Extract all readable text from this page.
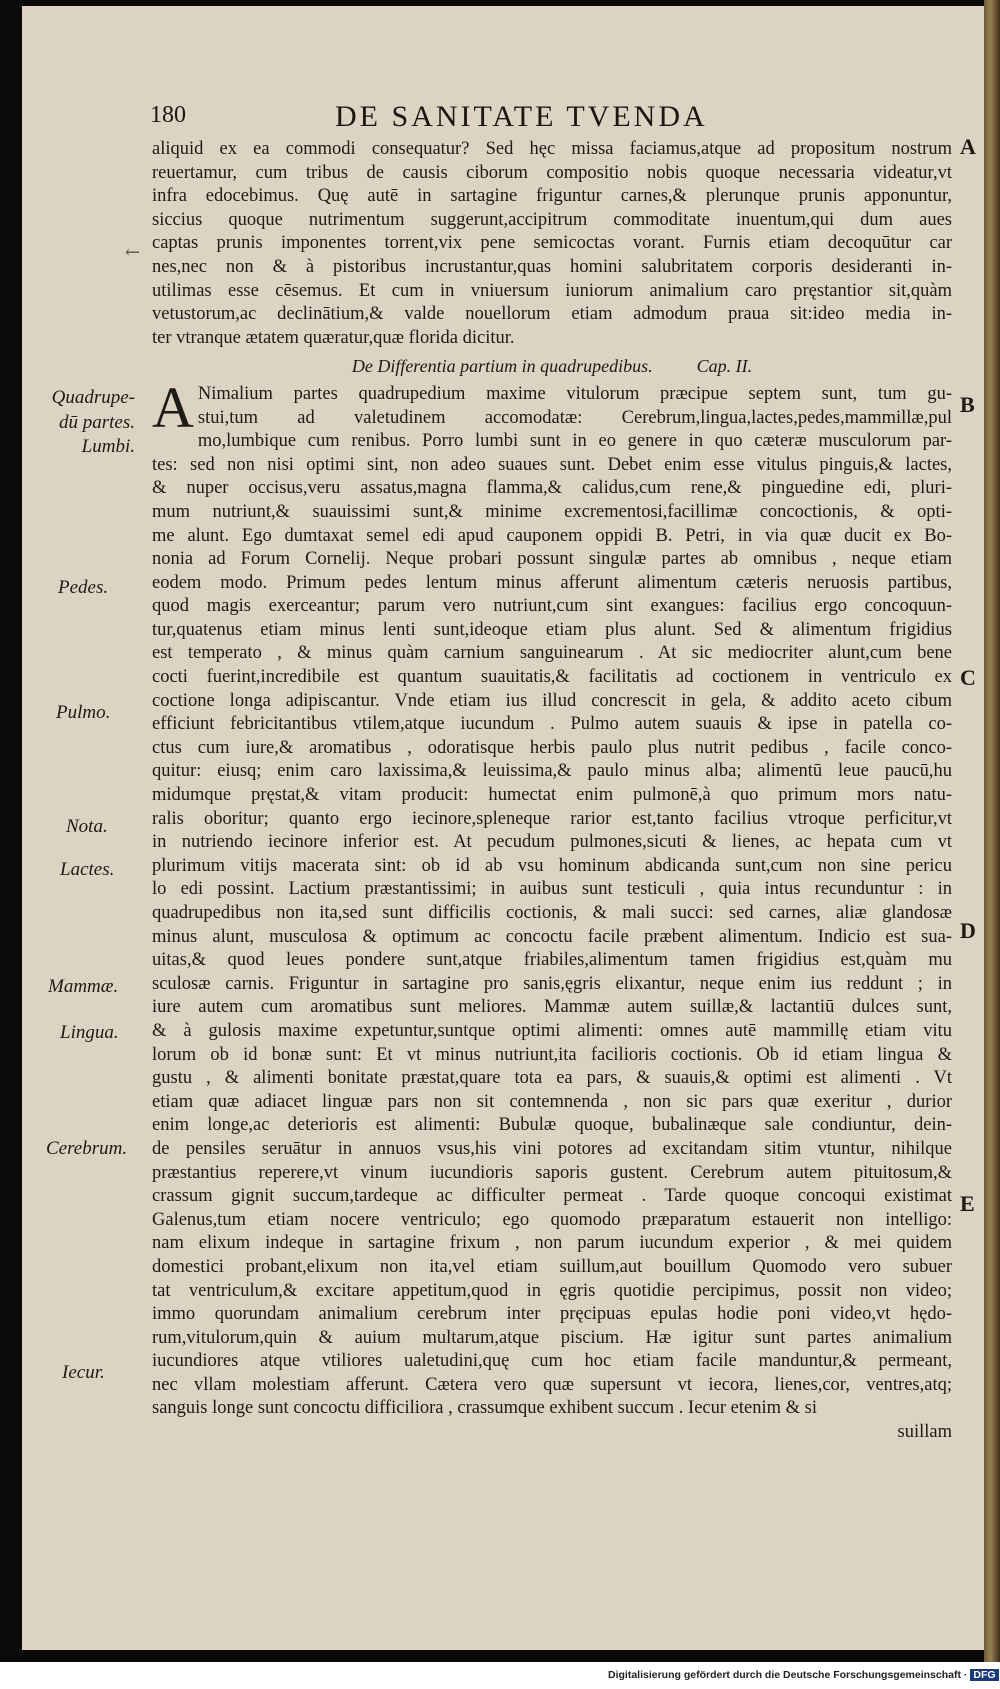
180	DE SANITATE TVENDA
←
aliquid ex ea commodi consequatur? Sed hęc missa faciamus,atque ad propositum nostrum
reuertamur, cum tribus de causis ciborum compositio nobis quoque necessaria videatur,vt
infra edocebimus. Quę autē in sartagine friguntur carnes,& plerunque prunis apponuntur,
siccius quoque nutrimentum suggerunt,accipitrum commoditate inuentum,qui dum aues
captas prunis imponentes torrent,vix pene semicoctas vorant. Furnis etiam decoquūtur car
nes,nec non & à pistoribus incrustantur,quas homini salubritatem corporis desideranti in-
utilimas esse cēsemus. Et cum in vniuersum iuniorum animalium caro pręstantior sit,quàm
vetustorum,ac declinātium,& valde nouellorum etiam admodum praua sit:ideo media in-
ter vtranque ætatem quæratur,quæ florida dicitur.
De Differentia partium in quadrupedibus. Cap. II.
A Nimalium partes quadrupedium maxime vitulorum præcipue septem sunt, tum gu-
stui,tum ad valetudinem accomodatæ: Cerebrum,lingua,lactes,pedes,mammillæ,pul
mo,lumbique cum renibus. Porro lumbi sunt in eo genere in quo cæteræ musculorum par-
tes: sed non nisi optimi sint, non adeo suaues sunt. Debet enim esse vitulus pinguis,& lactes,
& nuper occisus,veru assatus,magna flamma,& calidus,cum rene,& pinguedine edi, pluri-
mum nutriunt,& suauissimi sunt,& minime excrementosi,facillimæ concoctionis, & opti-
me alunt. Ego dumtaxat semel edi apud cauponem oppidi B. Petri, in via quæ ducit ex Bo-
nonia ad Forum Cornelij. Neque probari possunt singulæ partes ab omnibus , neque etiam
eodem modo. Primum pedes lentum minus afferunt alimentum cæteris neruosis partibus,
quod magis exerceantur; parum vero nutriunt,cum sint exangues: facilius ergo concoquun-
tur,quatenus etiam minus lenti sunt,ideoque etiam plus alunt. Sed & alimentum frigidius
est temperato , & minus quàm carnium sanguinearum . At sic mediocriter alunt,cum bene
cocti fuerint,incredibile est quantum suauitatis,& facilitatis ad coctionem in ventriculo ex
coctione longa adipiscantur. Vnde etiam ius illud concrescit in gela, & addito aceto cibum
efficiunt febricitantibus vtilem,atque iucundum . Pulmo autem suauis & ipse in patella co-
ctus cum iure,& aromatibus , odoratisque herbis paulo plus nutrit pedibus , facile conco-
quitur: eiusq; enim caro laxissima,& leuissima,& paulo minus alba; alimentū leue paucū,hu
midumque pręstat,& vitam producit: humectat enim pulmonē,à quo primum mors natu-
ralis oboritur; quanto ergo iecinore,spleneque rarior est,tanto facilius vtroque perficitur,vt
in nutriendo iecinore inferior est. At pecudum pulmones,sicuti & lienes, ac hepata cum vt
plurimum vitijs macerata sint: ob id ab vsu hominum abdicanda sunt,cum non sine pericu
lo edi possint. Lactium præstantissimi; in auibus sunt testiculi , quia intus recunduntur : in
quadrupedibus non ita,sed sunt difficilis coctionis, & mali succi: sed carnes, aliæ glandosæ
minus alunt, musculosa & optimum ac concoctu facile præbent alimentum. Indicio est sua-
uitas,& quod leues pondere sunt,atque friabiles,alimentum tamen frigidius est,quàm mu
sculosæ carnis. Friguntur in sartagine pro sanis,ęgris elixantur, neque enim ius reddunt ; in
iure autem cum aromatibus sunt meliores. Mammæ autem suillæ,& lactantiū dulces sunt,
& à gulosis maxime expetuntur,suntque optimi alimenti: omnes autē mammillę etiam vitu
lorum ob id bonæ sunt: Et vt minus nutriunt,ita facilioris coctionis. Ob id etiam lingua &
gustu , & alimenti bonitate præstat,quare tota ea pars, & suauis,& optimi est alimenti . Vt
etiam quæ adiacet linguæ pars non sit contemnenda , non sic pars quæ exeritur , durior
enim longe,ac deterioris est alimenti: Bubulæ quoque, bubalinæque sale condiuntur, dein-
de pensiles seruātur in annuos vsus,his vini potores ad excitandam sitim vtuntur, nihilque
præstantius reperere,vt vinum iucundioris saporis gustent. Cerebrum autem pituitosum,&
crassum gignit succum,tardeque ac difficulter permeat . Tarde quoque concoqui existimat
Galenus,tum etiam nocere ventriculo; ego quomodo præparatum estauerit non intelligo:
nam elixum indeque in sartagine frixum , non parum iucundum experior , & mei quidem
domestici probant,elixum non ita,vel etiam suillum,aut bouillum Quomodo vero subuer
tat ventriculum,& excitare appetitum,quod in ęgris quotidie percipimus, possit non video;
immo quorundam animalium cerebrum inter pręcipuas epulas hodie poni video,vt hędo-
rum,vitulorum,quin & auium multarum,atque piscium. Hæ igitur sunt partes animalium
iucundiores atque vtiliores ualetudini,quę cum hoc etiam facile manduntur,& permeant,
nec vllam molestiam afferunt. Cætera vero quæ supersunt vt iecora, lienes,cor, ventres,atq;
sanguis longe sunt concoctu difficiliora , crassumque exhibent succum . Iecur etenim & si
suillam
Quadrupe-
dū partes.
Lumbi.
Pedes.
Pulmo.
Nota.
Lactes.
Mammæ.
Lingua.
Cerebrum.
Iecur.
A
B
C
D
E
Digitalisierung gefördert durch die Deutsche Forschungsgemeinschaft · DFG
